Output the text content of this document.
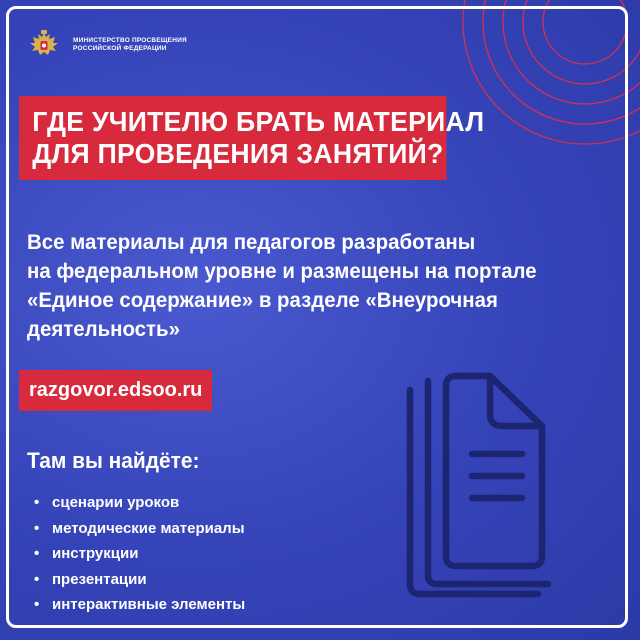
МИНИСТЕРСТВО ПРОСВЕЩЕНИЯ
РОССИЙСКОЙ ФЕДЕРАЦИИ
ГДЕ УЧИТЕЛЮ БРАТЬ МАТЕРИАЛ
ДЛЯ ПРОВЕДЕНИЯ ЗАНЯТИЙ?
Все материалы для педагогов разработаны
на федеральном уровне и размещены на портале
«Единое содержание» в разделе «Внеурочная
деятельность»
razgovor.edsoo.ru
Там вы найдёте:
• сценарии уроков
• методические материалы
• инструкции
• презентации
• интерактивные элементы
